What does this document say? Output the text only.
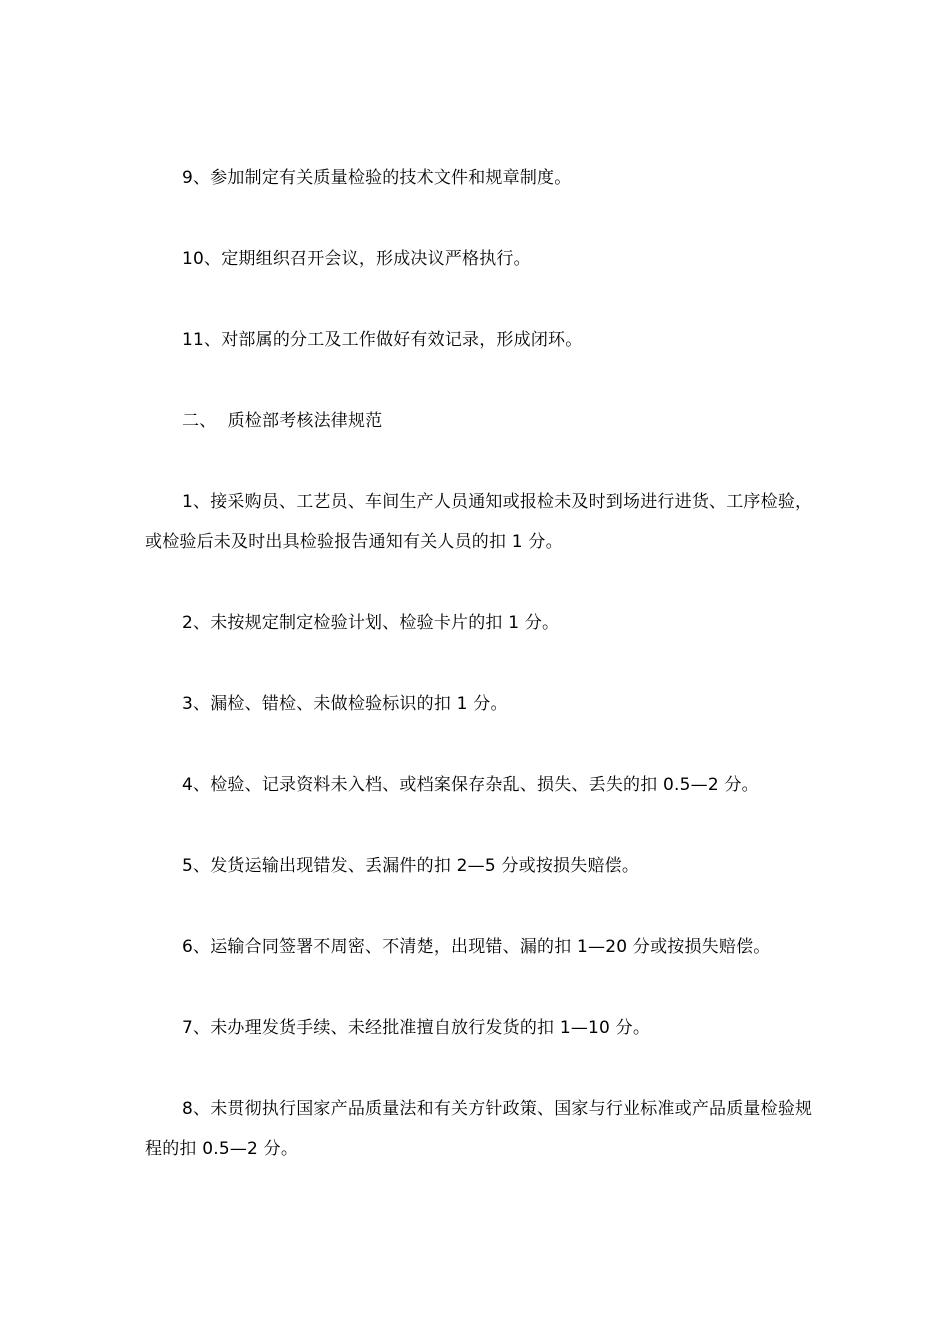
9、参加制定有关质量检验的技术文件和规章制度。

10、定期组织召开会议，形成决议严格执行。

11、对部属的分工及工作做好有效记录，形成闭环。

二、  质检部考核法律规范

1、接采购员、工艺员、车间生产人员通知或报检未及时到场进行进货、工序检验，或检验后未及时出具检验报告通知有关人员的扣 1 分。

2、未按规定制定检验计划、检验卡片的扣 1 分。

3、漏检、错检、未做检验标识的扣 1 分。

4、检验、记录资料未入档、或档案保存杂乱、损失、丢失的扣 0.5—2 分。

5、发货运输出现错发、丢漏件的扣 2—5 分或按损失赔偿。

6、运输合同签署不周密、不清楚，出现错、漏的扣 1—20 分或按损失赔偿。

7、未办理发货手续、未经批准擅自放行发货的扣 1—10 分。

8、未贯彻执行国家产品质量法和有关方针政策、国家与行业标准或产品质量检验规程的扣 0.5—2 分。
